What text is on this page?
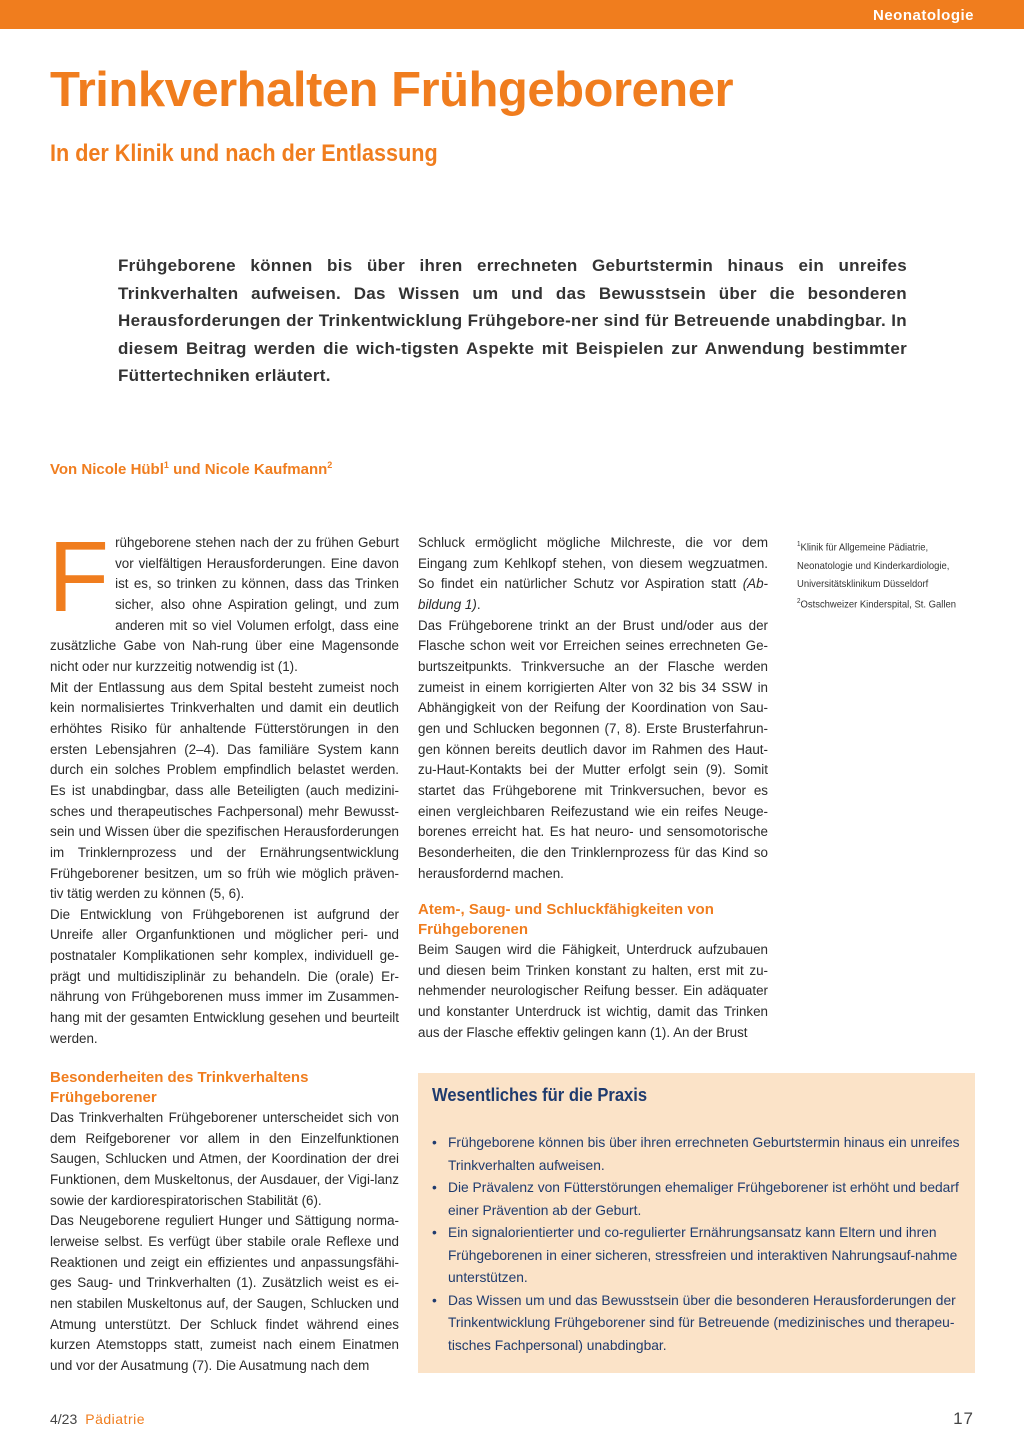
Neonatologie
Trinkverhalten Frühgeborener
In der Klinik und nach der Entlassung

Frühgeborene können bis über ihren errechneten Geburtstermin hinaus ein unreifes Trinkverhalten aufweisen. Das Wissen um und das Bewusstsein über die besonderen Herausforderungen der Trinkentwicklung Frühgebore-ner sind für Betreuende unabdingbar. In diesem Beitrag werden die wich-tigsten Aspekte mit Beispielen zur Anwendung bestimmter Füttertechniken erläutert.

Von Nicole Hübl$^1$ und Nicole Kaufmann$^2$
F rühgeborene stehen nach der zu frühen Geburt vor vielfältigen Herausforderungen. Eine davon ist es, so trinken zu können, dass das Trinken sicher, also ohne Aspiration gelingt, und zum anderen mit so viel Volumen erfolgt, dass eine zusätzliche Gabe von Nah-rung über eine Magensonde nicht oder nur kurzzeitig notwendig ist (1).

Mit der Entlassung aus dem Spital besteht zumeist noch kein normalisiertes Trinkverhalten und damit ein deutlich erhöhtes Risiko für anhaltende Fütterstörungen in den ersten Lebensjahren (2–4). Das familiäre System kann durch ein solches Problem empfindlich belastet werden. Es ist unabdingbar, dass alle Beteiligten (auch medizini-sches und therapeutisches Fachpersonal) mehr Bewusst-sein und Wissen über die spezifischen Herausforderungen im Trinklernprozess und der Ernährungsentwicklung Frühgeborener besitzen, um so früh wie möglich präven-tiv tätig werden zu können (5, 6).

Die Entwicklung von Frühgeborenen ist aufgrund der Unreife aller Organfunktionen und möglicher peri- und postnataler Komplikationen sehr komplex, individuell ge-prägt und multidisziplinär zu behandeln. Die (orale) Er-nährung von Frühgeborenen muss immer im Zusammen-hang mit der gesamten Entwicklung gesehen und beurteilt werden.

Schluck ermöglicht mögliche Milchreste, die vor dem Eingang zum Kehlkopf stehen, von diesem wegzuatmen. So findet ein natürlicher Schutz vor Aspiration statt (Ab-bildung 1).

Das Frühgeborene trinkt an der Brust und/oder aus der Flasche schon weit vor Erreichen seines errechneten Ge-burtszeitpunkts. Trinkversuche an der Flasche werden zumeist in einem korrigierten Alter von 32 bis 34 SSW in Abhängigkeit von der Reifung der Koordination von Sau-gen und Schlucken begonnen (7, 8). Erste Brusterfahrun-gen können bereits deutlich davor im Rahmen des Haut-zu-Haut-Kontakts bei der Mutter erfolgt sein (9). Somit startet das Frühgeborene mit Trinkversuchen, bevor es einen vergleichbaren Reifezustand wie ein reifes Neuge-borenes erreicht hat. Es hat neuro- und sensomotorische Besonderheiten, die den Trinklernprozess für das Kind so herausfordernd machen.

Atem-, Saug- und Schluckfähigkeiten von Frühgeborenen

Beim Saugen wird die Fähigkeit, Unterdruck aufzubauen und diesen beim Trinken konstant zu halten, erst mit zu-nehmender neurologischer Reifung besser. Ein adäquater und konstanter Unterdruck ist wichtig, damit das Trinken aus der Flasche effektiv gelingen kann (1). An der Brust

Besonderheiten des Trinkverhaltens Frühgeborener

Das Trinkverhalten Frühgeborener unterscheidet sich von dem Reifgeborener vor allem in den Einzelfunktionen Saugen, Schlucken und Atmen, der Koordination der drei Funktionen, dem Muskeltonus, der Ausdauer, der Vigi-lanz sowie der kardiorespiratorischen Stabilität (6).

Das Neugeborene reguliert Hunger und Sättigung norma-lerweise selbst. Es verfügt über stabile orale Reflexe und Reaktionen und zeigt ein effizientes und anpassungsfähi-ges Saug- und Trinkverhalten (1). Zusätzlich weist es ei-nen stabilen Muskeltonus auf, der Saugen, Schlucken und Atmung unterstützt. Der Schluck findet während eines kurzen Atemstopps statt, zumeist nach einem Einatmen und vor der Ausatmung (7). Die Ausatmung nach dem

$^1$Klinik für Allgemeine Pädiatrie, Neonatologie und Kinderkardiologie, Universitätsklinikum Düsseldorf

$^2$Ostschweizer Kinderspital, St. Gallen

Wesentliches für die Praxis
• Frühgeborene können bis über ihren errechneten Geburtstermin hinaus ein unreifes Trinkverhalten aufweisen.
• Die Prävalenz von Fütterstörungen ehemaliger Frühgeborener ist erhöht und bedarf einer Prävention ab der Geburt.
• Ein signalorientierter und co-regulierter Ernährungsansatz kann Eltern und ihren Frühgeborenen in einer sicheren, stressfreien und interaktiven Nahrungsauf-nahme unterstützen.
• Das Wissen um und das Bewusstsein über die besonderen Herausforderungen der Trinkentwicklung Frühgeborener sind für Betreuende (medizinisches und therapeu-tisches Fachpersonal) unabdingbar.
4/23 Pädiatrie	17
